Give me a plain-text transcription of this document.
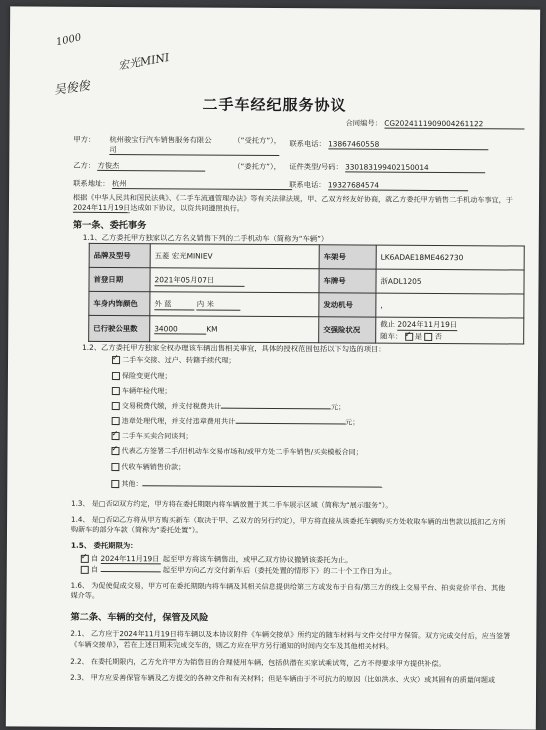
1000
宏光MINI
吴俊俊
二手车经纪服务协议
合同编号： CG2024111909004261122
甲方： 杭州骏宝行汽车销售服务有限公
司
（“受托方”）， 联系电话： 13867460558
乙方： 方俊杰	（“委托方”）， 证件类型/号码： 330183199402150014
联系地址： 杭州	联系电话： 19327684574
根据《中华人民共和国民法典》、《二手车流通管理办法》等有关法律法规，甲、乙双方经友好协商，就乙方委托甲方销售二手机动车事宜，于2024年11月19日达成如下协议，以资共同遵照执行。
第一条、委托事务
1.1、乙方委托甲方独家以乙方名义销售下列的二手机动车（简称为“车辆”）
品牌及型号	五菱 宏光MINIEV	车架号	LK6ADAE18ME462730
首登日期	2021年05月07日	车牌号	浙ADL1205
车身内饰颜色	外 蓝 内 米	发动机号	，
已行驶公里数	34000 KM	交强险状况	截止 2024年11月19日
随车： ✓ 是 否
1.2、乙方委托甲方独家全权办理该车辆出售相关事宜，具体的授权范围包括以下勾选的项目：
✓二手车交接、过户、转籍手续代理；
保险变更代理；
车辆年检代理；
交易税费代缴，并支付税费共计	元；
违章处理代理，并支付违章费用共计	元；
✓二手车买卖合同谈判；
✓代表乙方签署二手/旧机动车交易市场和/或甲方处二手车销售/买卖模板合同；
代收车辆销售价款；
其他：
1.3、 是□否☑双方约定，甲方将在委托期限内将车辆放置于其二手车展示区域（简称为“展示服务”）。
1.4、 是□否☑乙方将从甲方购买新车（取决于甲、乙双方的另行约定），甲方将直接从该委托车辆购买方处收取车辆的出售款以抵扣乙方所购新车的部分车款（简称为“委托处置”）。
1.5、 委托期限为：
✓自 2024年11月19日 起至甲方将该车辆售出，或甲乙双方协议撤销该委托为止。
自	起至甲方向乙方交付新车后（委托处置的情形下）的二十个工作日为止。
1.6、 为促使促成交易，甲方可在委托期限内将车辆及其相关信息提供给第三方或发布于自有/第三方的线上交易平台、拍卖竞价平台、其他媒介等。
第二条、车辆的交付，保管及风险
2.1、 乙方应于2024年11月19日将车辆以及本协议附件《车辆交接单》所约定的随车材料与文件交付甲方保管。双方完成交付后，应当签署《车辆交接单》，若在上述日期未完成交车的，则乙方应在甲方另行通知的时间内交车及其他相关材料。
2.2、 在委托期限内，乙方允许甲方为销售目的合理使用车辆，包括供潜在买家试乘试驾，乙方不得要求甲方提供补偿。
2.3、 甲方应妥善保管车辆及乙方提交的各种文件和有关材料；但是车辆由于不可抗力的原因（比如洪水、火灾）或其固有的质量问题或
